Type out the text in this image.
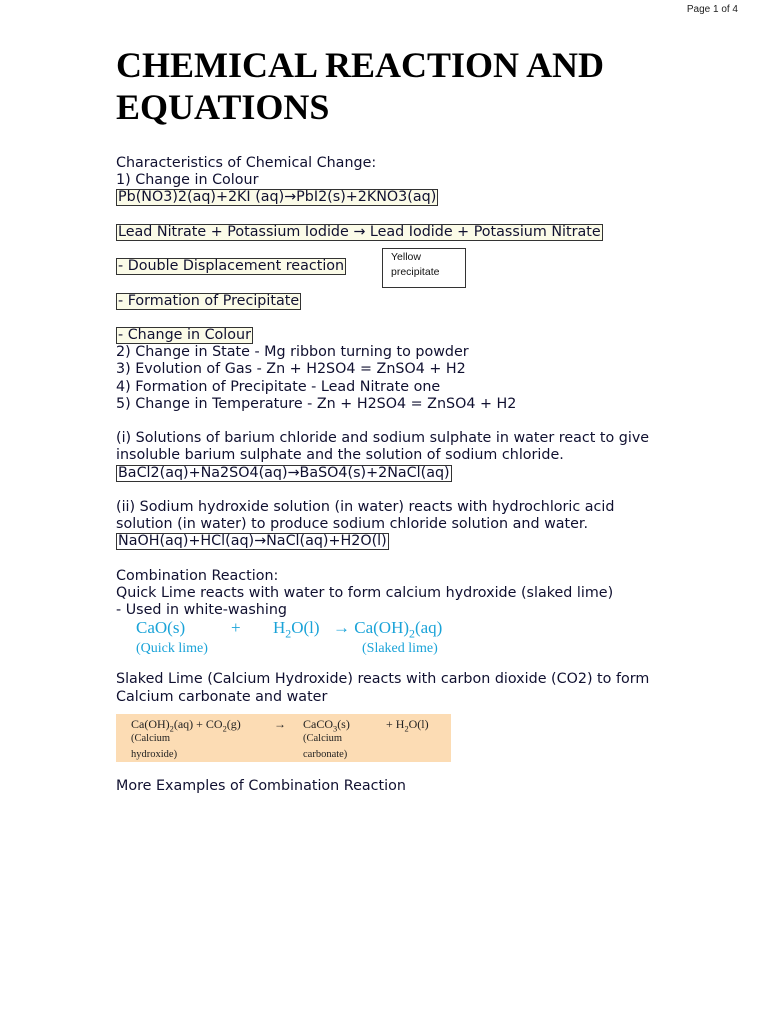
Page 1 of 4
CHEMICAL REACTION AND EQUATIONS
Yellow precipitate
Characteristics of Chemical Change:
1) Change in Colour
Pb(NO3)2(aq)+2KI (aq)→PbI2(s)+2KNO3(aq)
Lead Nitrate + Potassium Iodide → Lead Iodide + Potassium Nitrate
- Double Displacement reaction
- Formation of Precipitate
- Change in Colour
2) Change in State - Mg ribbon turning to powder
3) Evolution of Gas - Zn + H2SO4 = ZnSO4 + H2
4) Formation of Precipitate - Lead Nitrate one
5) Change in Temperature - Zn + H2SO4 = ZnSO4 + H2
(i) Solutions of barium chloride and sodium sulphate in water react to give insoluble barium sulphate and the solution of sodium chloride.
BaCl2(aq)+Na2SO4(aq)→BaSO4(s)+2NaCl(aq)
(ii) Sodium hydroxide solution (in water) reacts with hydrochloric acid solution (in water) to produce sodium chloride solution and water.
NaOH(aq)+HCl(aq)→NaCl(aq)+H2O(l)
Combination Reaction:
Quick Lime reacts with water to form calcium hydroxide (slaked lime)
- Used in white-washing
CaO(s)	+ $H_2O(l) \to Ca(OH)_2(aq)$
(Quick lime)	(Slaked lime)
Slaked Lime (Calcium Hydroxide) reacts with carbon dioxide (CO2) to form Calcium carbonate and water
$Ca(OH)_2(aq) + CO_2(g)$	→ CaCO$_3$(s)	+ $H_2O(l)$
(Calcium
hydroxide)
(Calcium
carbonate)
More Examples of Combination Reaction
